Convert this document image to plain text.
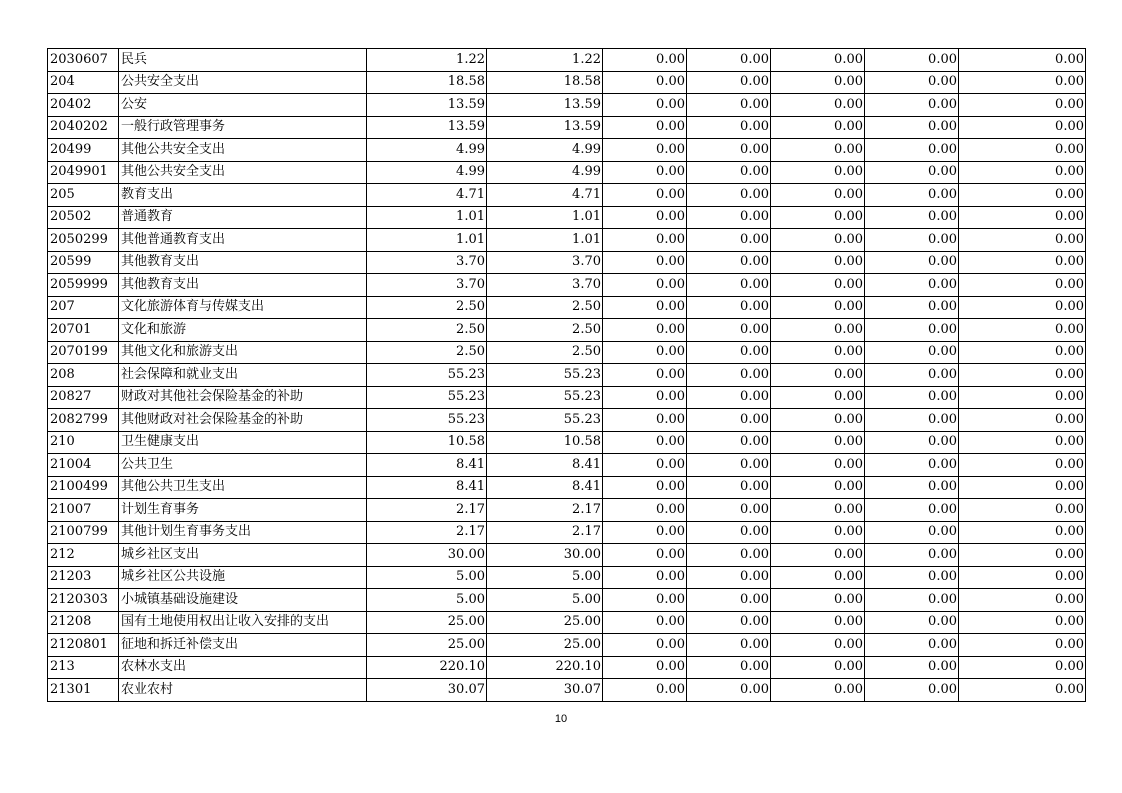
2030607	民兵	1.22	1.22	0.00	0.00	0.00	0.00	0.00
204	公共安全支出	18.58	18.58	0.00	0.00	0.00	0.00	0.00
20402	公安	13.59	13.59	0.00	0.00	0.00	0.00	0.00
2040202	一般行政管理事务	13.59	13.59	0.00	0.00	0.00	0.00	0.00
20499	其他公共安全支出	4.99	4.99	0.00	0.00	0.00	0.00	0.00
2049901	其他公共安全支出	4.99	4.99	0.00	0.00	0.00	0.00	0.00
205	教育支出	4.71	4.71	0.00	0.00	0.00	0.00	0.00
20502	普通教育	1.01	1.01	0.00	0.00	0.00	0.00	0.00
2050299	其他普通教育支出	1.01	1.01	0.00	0.00	0.00	0.00	0.00
20599	其他教育支出	3.70	3.70	0.00	0.00	0.00	0.00	0.00
2059999	其他教育支出	3.70	3.70	0.00	0.00	0.00	0.00	0.00
207	文化旅游体育与传媒支出	2.50	2.50	0.00	0.00	0.00	0.00	0.00
20701	文化和旅游	2.50	2.50	0.00	0.00	0.00	0.00	0.00
2070199	其他文化和旅游支出	2.50	2.50	0.00	0.00	0.00	0.00	0.00
208	社会保障和就业支出	55.23	55.23	0.00	0.00	0.00	0.00	0.00
20827	财政对其他社会保险基金的补助	55.23	55.23	0.00	0.00	0.00	0.00	0.00
2082799	其他财政对社会保险基金的补助	55.23	55.23	0.00	0.00	0.00	0.00	0.00
210	卫生健康支出	10.58	10.58	0.00	0.00	0.00	0.00	0.00
21004	公共卫生	8.41	8.41	0.00	0.00	0.00	0.00	0.00
2100499	其他公共卫生支出	8.41	8.41	0.00	0.00	0.00	0.00	0.00
21007	计划生育事务	2.17	2.17	0.00	0.00	0.00	0.00	0.00
2100799	其他计划生育事务支出	2.17	2.17	0.00	0.00	0.00	0.00	0.00
212	城乡社区支出	30.00	30.00	0.00	0.00	0.00	0.00	0.00
21203	城乡社区公共设施	5.00	5.00	0.00	0.00	0.00	0.00	0.00
2120303	小城镇基础设施建设	5.00	5.00	0.00	0.00	0.00	0.00	0.00
21208	国有土地使用权出让收入安排的支出	25.00	25.00	0.00	0.00	0.00	0.00	0.00
2120801	征地和拆迁补偿支出	25.00	25.00	0.00	0.00	0.00	0.00	0.00
213	农林水支出	220.10	220.10	0.00	0.00	0.00	0.00	0.00
21301	农业农村	30.07	30.07	0.00	0.00	0.00	0.00	0.00
10
